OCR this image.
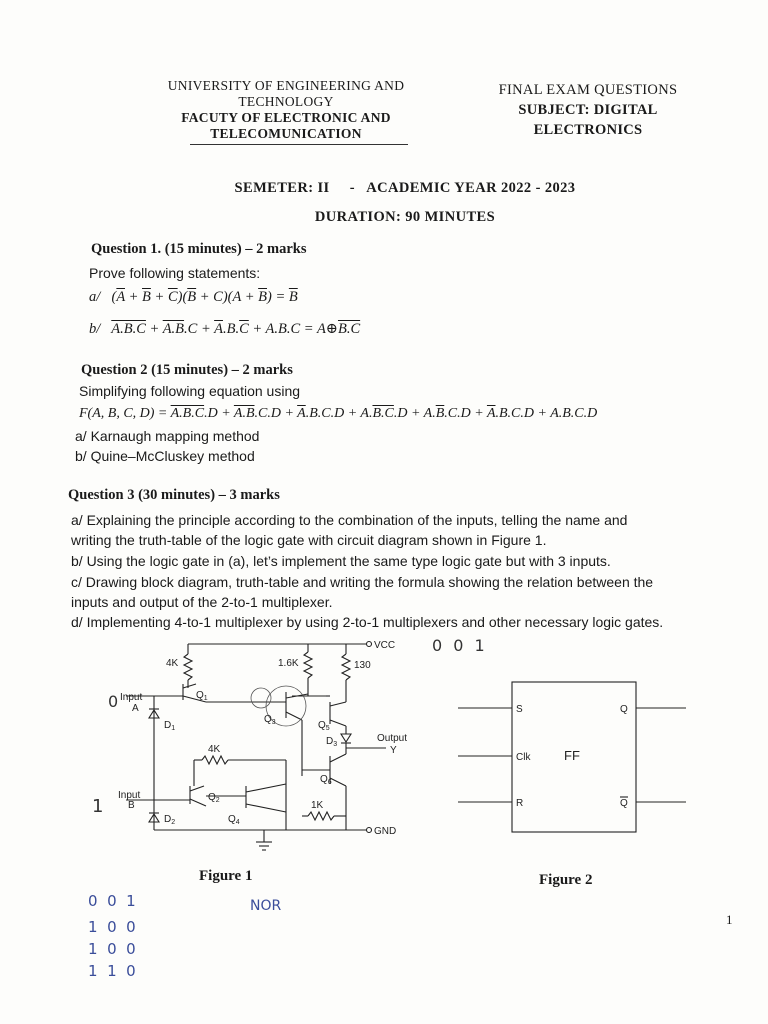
UNIVERSITY OF ENGINEERING AND
TECHNOLOGY
FACUTY OF ELECTRONIC AND
TELECOMUNICATION
FINAL EXAM QUESTIONS
SUBJECT: DIGITAL
ELECTRONICS
SEMETER: II     -   ACADEMIC YEAR 2022 - 2023
DURATION: 90 MINUTES
Question 1. (15 minutes) – 2 marks
Prove following statements:
a/   $(\overline{A} + \overline{B} + \overline{C})(\overline{B} + C)(A + \overline{B}) = \overline{B}$
b/ $A.B.C + A.B.C + \overline{A}.B.\overline{C} + A.B.C$ = A⊕B.C
Question 2 (15 minutes) – 2 marks
Simplifying following equation using
F(A, B, C, $D) = A.B.C.D + A.B.C.D + \overline{A}.B.C.D + A.B.C.D + A.\overline{B}.C.D + \overline{A}.B.C.D + A.B.C.D$
a/ Karnaugh mapping method
b/ Quine–McCluskey method
Question 3 (30 minutes) – 3 marks
a/ Explaining the principle according to the combination of the inputs, telling the name and
writing the truth-table of the logic gate with circuit diagram shown in Figure 1.
b/ Using the logic gate in (a), let’s implement the same type logic gate but with 3 inputs.
c/ Drawing block diagram, truth-table and writing the formula showing the relation between the
inputs and output of the 2-to-1 multiplexer.
d/ Implementing 4-to-1 multiplexer by using 2-to-1 multiplexers and other necessary logic gates.
VCC
GND
4K	1.6K	130
4K
1K
Input
A
Input
B
Output
Y
$Q_1$
$Q_2$
$Q_3$
$Q_4$
$Q_5$
$Q_6$
$D_1$
$D_2$
$D_3$
Figure 1
S
Clk
R
Q
Q
FF
Figure 2
1
0 0 1
0
1
NOR
0  0  1
1  0  0
1  0  0
1  1  0
